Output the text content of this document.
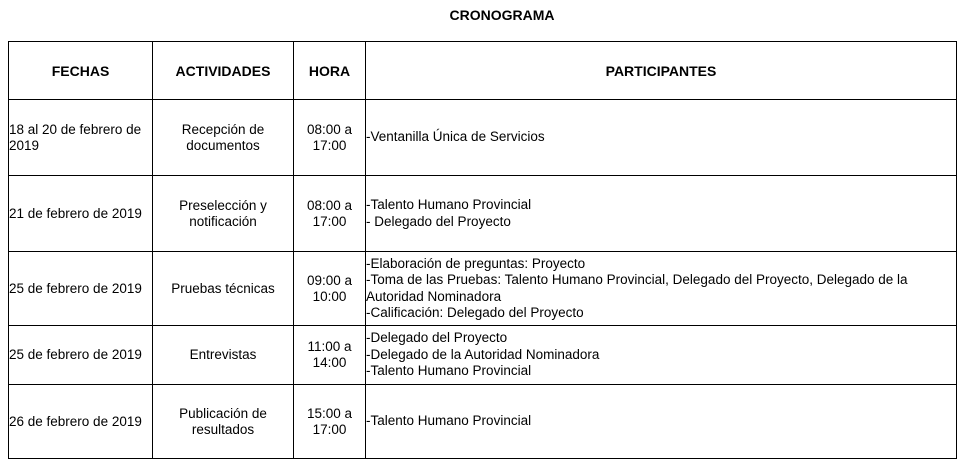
CRONOGRAMA
FECHAS	ACTIVIDADES	HORA	PARTICIPANTES

18 al 20 de febrero de 2019	Recepción de documentos	08:00 a 17:00	-Ventanilla Única de Servicios

21 de febrero de 2019	Preselección y notificación	08:00 a 17:00	-Talento Humano Provincial
- Delegado del Proyecto

25 de febrero de 2019	Pruebas técnicas	09:00 a 10:00	-Elaboración de preguntas: Proyecto
-Toma de las Pruebas: Talento Humano Provincial, Delegado del Proyecto, Delegado de la Autoridad Nominadora
-Calificación: Delegado del Proyecto

25 de febrero de 2019	Entrevistas	11:00 a 14:00	-Delegado del Proyecto
-Delegado de la Autoridad Nominadora
-Talento Humano Provincial

26 de febrero de 2019	Publicación de resultados	15:00 a 17:00	-Talento Humano Provincial
